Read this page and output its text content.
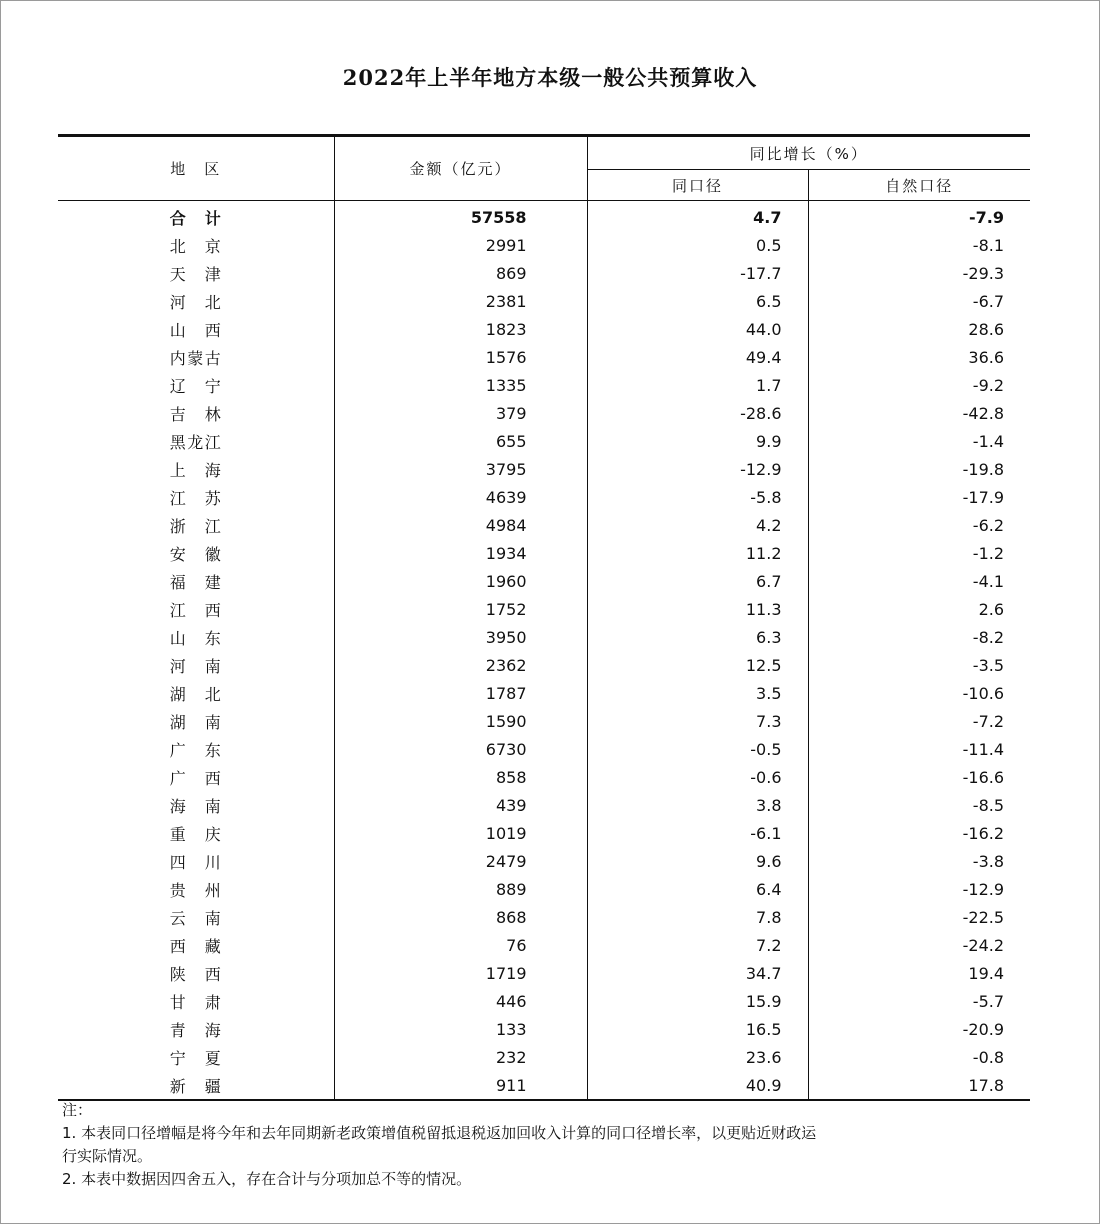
2022年上半年地方本级一般公共预算收入
地　区	金额（亿元）	同比增长（%）	
		同口径	自然口径
合计	57558	4.7	-7.9
北京	2991	0.5	-8.1
天津	869	-17.7	-29.3
河北	2381	6.5	-6.7
山西	1823	44.0	28.6
内蒙古	1576	49.4	36.6
辽宁	1335	1.7	-9.2
吉林	379	-28.6	-42.8
黑龙江	655	9.9	-1.4
上海	3795	-12.9	-19.8
江苏	4639	-5.8	-17.9
浙江	4984	4.2	-6.2
安徽	1934	11.2	-1.2
福建	1960	6.7	-4.1
江西	1752	11.3	2.6
山东	3950	6.3	-8.2
河南	2362	12.5	-3.5
湖北	1787	3.5	-10.6
湖南	1590	7.3	-7.2
广东	6730	-0.5	-11.4
广西	858	-0.6	-16.6
海南	439	3.8	-8.5
重庆	1019	-6.1	-16.2
四川	2479	9.6	-3.8
贵州	889	6.4	-12.9
云南	868	7.8	-22.5
西藏	76	7.2	-24.2
陕西	1719	34.7	19.4
甘肃	446	15.9	-5.7
青海	133	16.5	-20.9
宁夏	232	23.6	-0.8
新疆	911	40.9	17.8
注：
1. 本表同口径增幅是将今年和去年同期新老政策增值税留抵退税返加回收入计算的同口径增长率，以更贴近财政运
行实际情况。
2. 本表中数据因四舍五入，存在合计与分项加总不等的情况。
